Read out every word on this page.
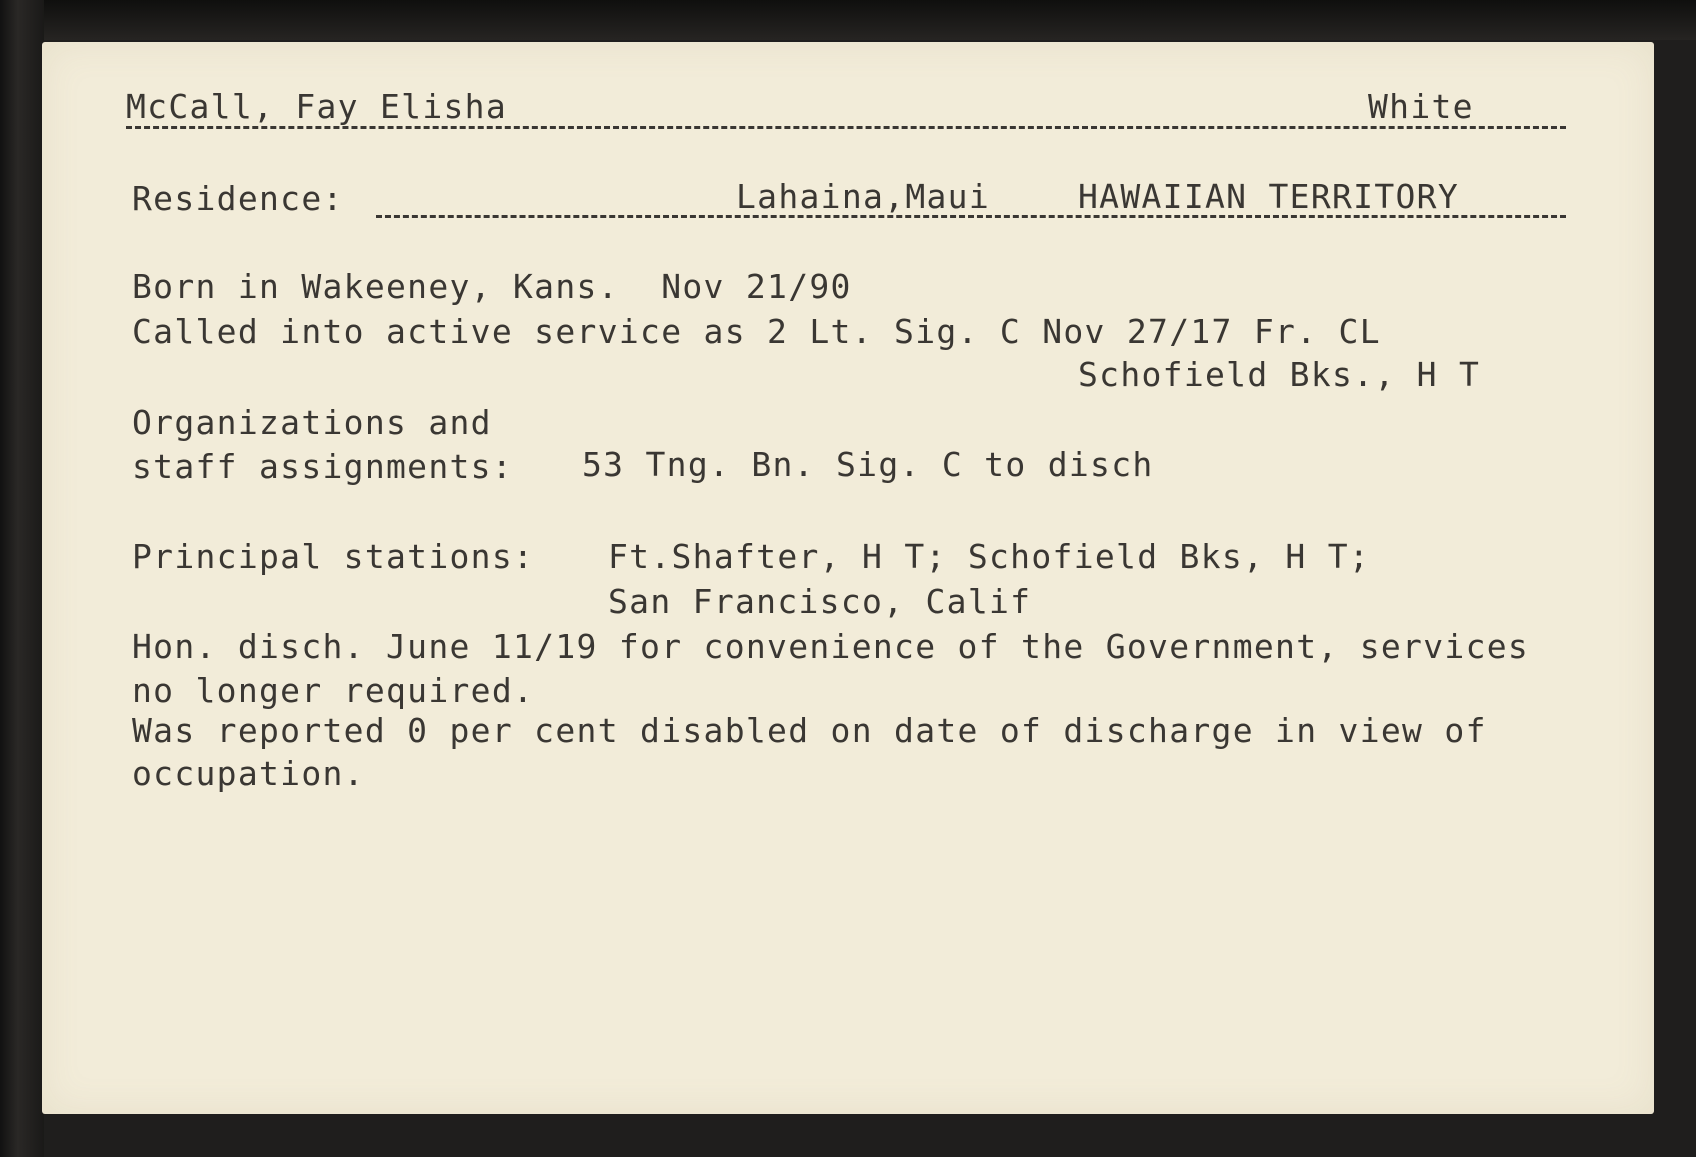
McCall, Fay Elisha	White
Residence:	Lahaina,Maui	HAWAIIAN TERRITORY
Born in Wakeeney, Kans.  Nov 21/90
Called into active service as 2 Lt. Sig. C Nov 27/17 Fr. CL
Schofield Bks., H T
Organizations and
staff assignments: 53 Tng. Bn. Sig. C to disch
Principal stations: Ft.Shafter, H T; Schofield Bks, H T;
San Francisco, Calif
Hon. disch. June 11/19 for convenience of the Government, services
no longer required.
Was reported 0 per cent disabled on date of discharge in view of
occupation.
